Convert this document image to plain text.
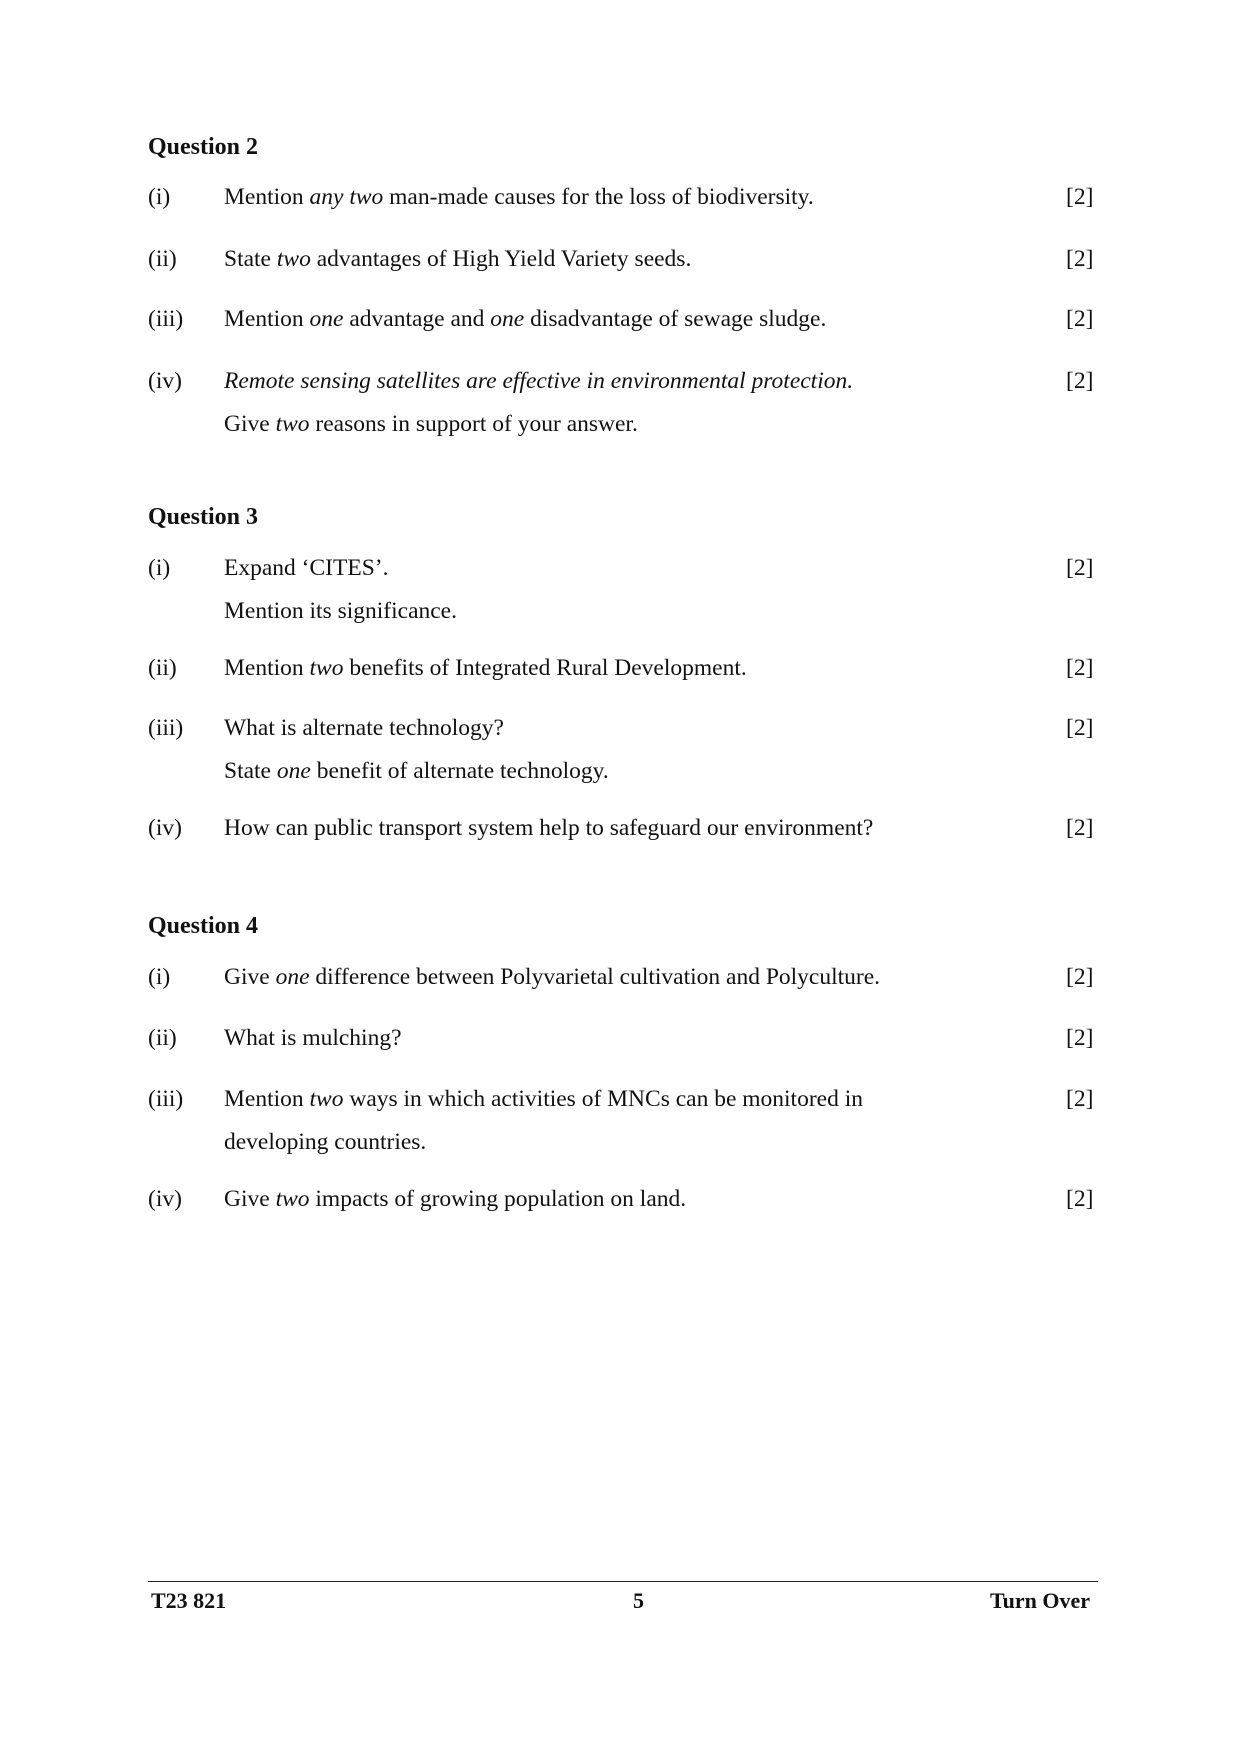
Question 2
(i) Mention any two man-made causes for the loss of biodiversity.	[2]
(ii) State two advantages of High Yield Variety seeds.	[2]
(iii) Mention one advantage and one disadvantage of sewage sludge.	[2]
(iv) Remote sensing satellites are effective in environmental protection.
Give two reasons in support of your answer.
[2]
Question 3
(i) Expand ‘CITES’.
Mention its significance.
[2]
(ii) Mention two benefits of Integrated Rural Development.	[2]
(iii) What is alternate technology?
State one benefit of alternate technology.
[2]
(iv) How can public transport system help to safeguard our environment?	[2]
Question 4
(i) Give one difference between Polyvarietal cultivation and Polyculture.	[2]
(ii) What is mulching?	[2]
(iii) Mention two ways in which activities of MNCs can be monitored in
developing countries.
[2]
(iv) Give two impacts of growing population on land.	[2]
T23 821	5	Turn Over
